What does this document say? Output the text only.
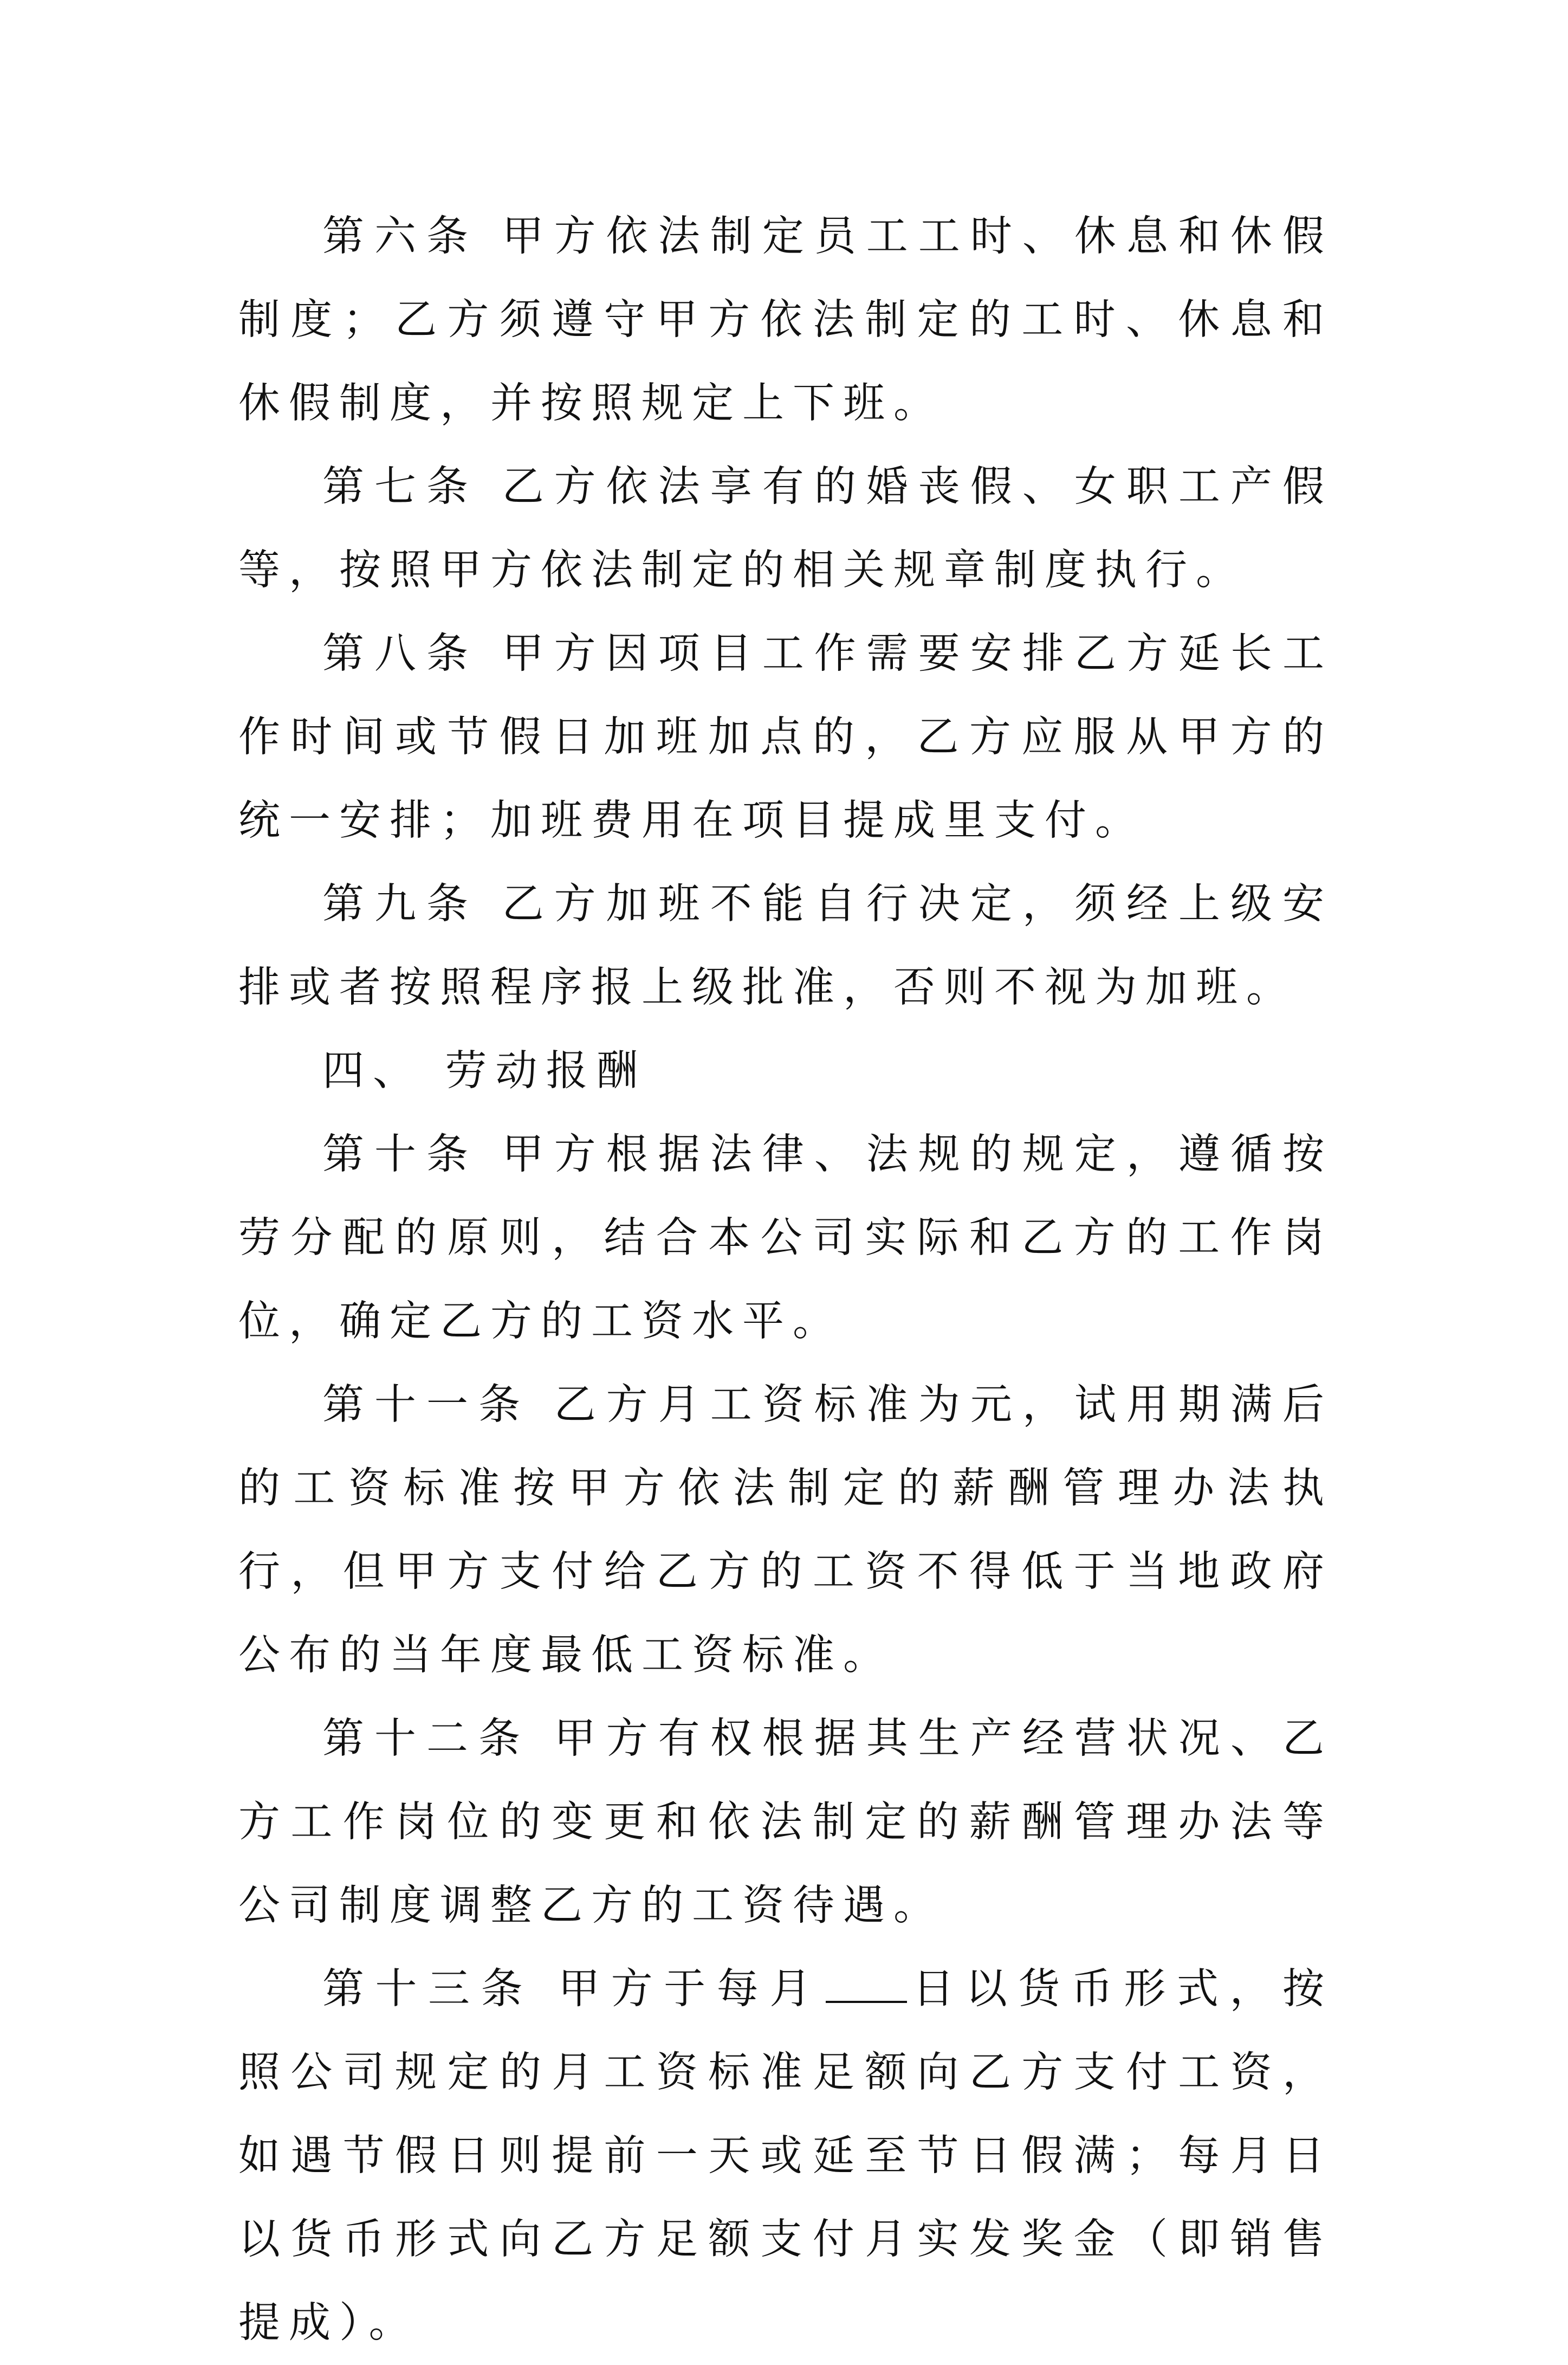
第六条 甲方依法制定员工工时、休息和休假制度；乙方须遵守甲方依法制定的工时、休息和休假制度，并按照规定上下班。

第七条 乙方依法享有的婚丧假、女职工产假等，按照甲方依法制定的相关规章制度执行。

第八条 甲方因项目工作需要安排乙方延长工作时间或节假日加班加点的，乙方应服从甲方的统一安排；加班费用在项目提成里支付。

第九条 乙方加班不能自行决定，须经上级安排或者按照程序报上级批准，否则不视为加班。

四、 劳动报酬

第十条 甲方根据法律、法规的规定，遵循按劳分配的原则，结合本公司实际和乙方的工作岗位，确定乙方的工资水平。

第十一条 乙方月工资标准为元，试用期满后的工资标准按甲方依法制定的薪酬管理办法执行，但甲方支付给乙方的工资不得低于当地政府公布的当年度最低工资标准。

第十二条 甲方有权根据其生产经营状况、乙方工作岗位的变更和依法制定的薪酬管理办法等公司制度调整乙方的工资待遇。

第十三条 甲方于每月 日以货币形式，按照公司规定的月工资标准足额向乙方支付工资，如遇节假日则提前一天或延至节日假满；每月日以货币形式向乙方足额支付月实发奖金（即销售提成）。
